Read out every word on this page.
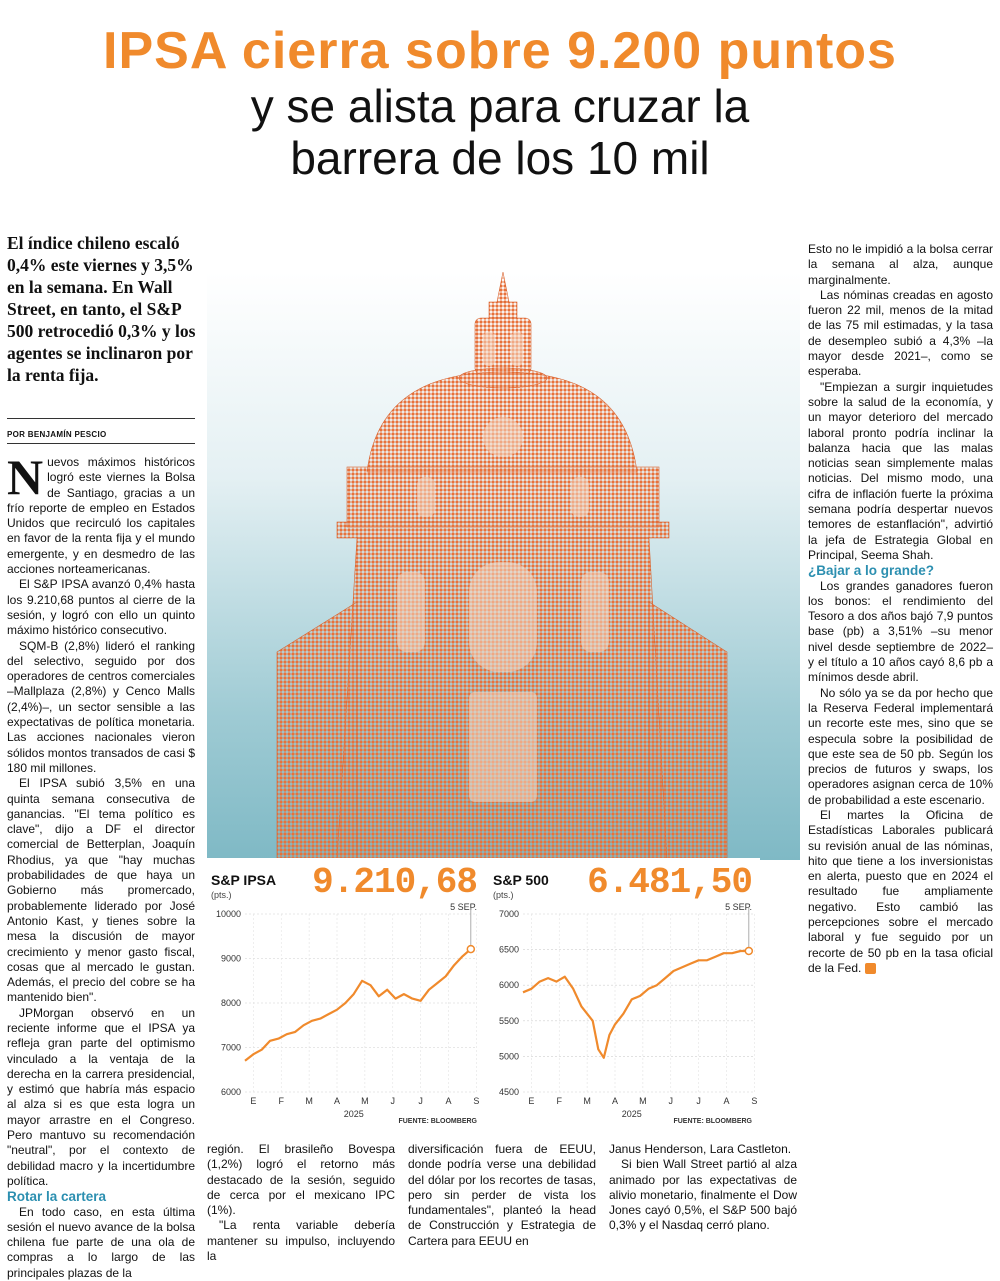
IPSA cierra sobre 9.200 puntos
y se alista para cruzar la
barrera de los 10 mil
El índice chileno escaló 0,4% este viernes y 3,5% en la semana. En Wall Street, en tanto, el S&P 500 retrocedió 0,3% y los agentes se inclinaron por la renta fija.
POR BENJAMÍN PESCIO

Nuevos máximos históricos logró este viernes la Bolsa de Santiago, gracias a un frío reporte de empleo en Estados Unidos que recirculó los capitales en favor de la renta fija y el mundo emergente, y en desmedro de las acciones norteamericanas.

El S&P IPSA avanzó 0,4% hasta los 9.210,68 puntos al cierre de la sesión, y logró con ello un quinto máximo histórico consecutivo.

SQM-B (2,8%) lideró el ranking del selectivo, seguido por dos operadores de centros comerciales –Mallplaza (2,8%) y Cenco Malls (2,4%)–, un sector sensible a las expectativas de política monetaria. Las acciones nacionales vieron sólidos montos transados de casi $ 180 mil millones.

El IPSA subió 3,5% en una quinta semana consecutiva de ganancias. "El tema político es clave", dijo a DF el director comercial de Betterplan, Joaquín Rhodius, ya que "hay muchas probabilidades de que haya un Gobierno más promercado, probablemente liderado por José Antonio Kast, y tienes sobre la mesa la discusión de mayor crecimiento y menor gasto fiscal, cosas que al mercado le gustan. Además, el precio del cobre se ha mantenido bien".

JPMorgan observó en un reciente informe que el IPSA ya refleja gran parte del optimismo vinculado a la ventaja de la derecha en la carrera presidencial, y estimó que habría más espacio al alza si es que esta logra un mayor arrastre en el Congreso. Pero mantuvo su recomendación "neutral", por el contexto de debilidad macro y la incertidumbre política.

Rotar la cartera

En todo caso, en esta última sesión el nuevo avance de la bolsa chilena fue parte de una ola de compras a lo largo de las principales plazas de la

S&P IPSA
(pts.) 9.210,68
5 SEP.
6000
7000
8000
9000
10000
E F M A M J	J	A S
2025
FUENTE: BLOOMBERG
S&P 500
(pts.) 6.481,50
5 SEP.
4500
5000
5500
6000
6500
7000
E F M A M J	J	A S
2025
FUENTE: BLOOMBERG

región. El brasileño Bovespa (1,2%) logró el retorno más destacado de la sesión, seguido de cerca por el mexicano IPC (1%).

"La renta variable debería mantener su impulso, incluyendo la

diversificación fuera de EEUU, donde podría verse una debilidad del dólar por los recortes de tasas, pero sin perder de vista los fundamentales", planteó la head de Construcción y Estrategia de Cartera para EEUU en

Janus Henderson, Lara Castleton.

Si bien Wall Street partió al alza animado por las expectativas de alivio monetario, finalmente el Dow Jones cayó 0,5%, el S&P 500 bajó 0,3% y el Nasdaq cerró plano.

Esto no le impidió a la bolsa cerrar la semana al alza, aunque marginalmente.

Las nóminas creadas en agosto fueron 22 mil, menos de la mitad de las 75 mil estimadas, y la tasa de desempleo subió a 4,3% –la mayor desde 2021–, como se esperaba.

"Empiezan a surgir inquietudes sobre la salud de la economía, y un mayor deterioro del mercado laboral pronto podría inclinar la balanza hacia que las malas noticias sean simplemente malas noticias. Del mismo modo, una cifra de inflación fuerte la próxima semana podría despertar nuevos temores de estanflación", advirtió la jefa de Estrategia Global en Principal, Seema Shah.

¿Bajar a lo grande?

Los grandes ganadores fueron los bonos: el rendimiento del Tesoro a dos años bajó 7,9 puntos base (pb) a 3,51% –su menor nivel desde septiembre de 2022– y el título a 10 años cayó 8,6 pb a mínimos desde abril.

No sólo ya se da por hecho que la Reserva Federal implementará un recorte este mes, sino que se especula sobre la posibilidad de que este sea de 50 pb. Según los precios de futuros y swaps, los operadores asignan cerca de 10% de probabilidad a este escenario.

El martes la Oficina de Estadísticas Laborales publicará su revisión anual de las nóminas, hito que tiene a los inversionistas en alerta, puesto que en 2024 el resultado fue ampliamente negativo. Esto cambió las percepciones sobre el mercado laboral y fue seguido por un recorte de 50 pb en la tasa oficial de la Fed. S
